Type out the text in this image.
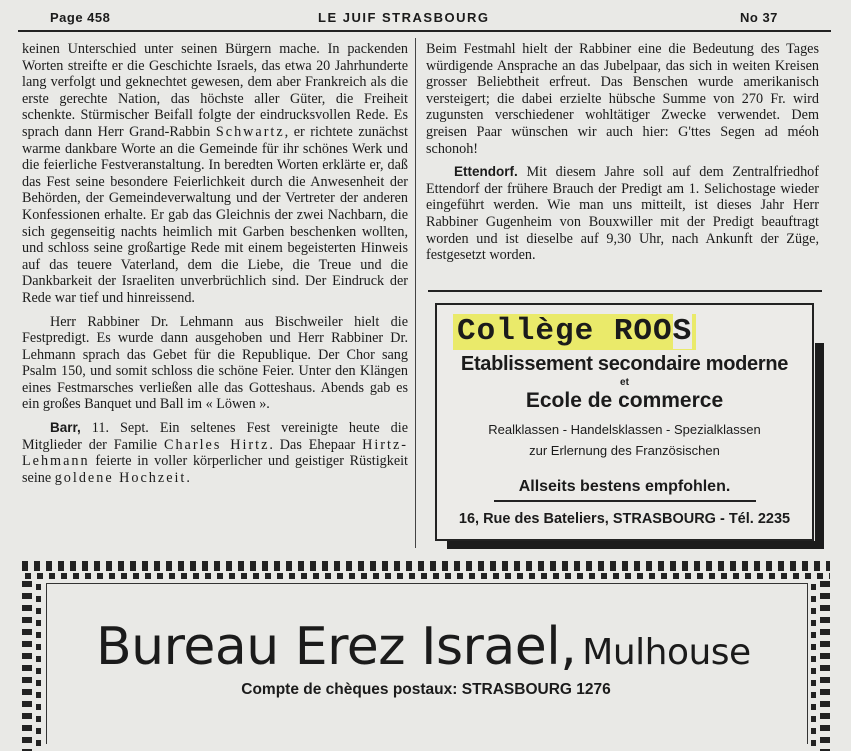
Page 458	LE JUIF STRASBOURG	No 37

keinen Unterschied unter seinen Bürgern mache. In packenden Worten streifte er die Geschichte Israels, das etwa 20 Jahrhunderte lang verfolgt und geknechtet gewesen, dem aber Frankreich als die erste gerechte Nation, das höchste aller Güter, die Freiheit schenkte. Stürmischer Beifall folgte der eindrucksvollen Rede. Es sprach dann Herr Grand-Rabbin Schwartz, er richtete zunächst warme dankbare Worte an die Gemeinde für ihr schönes Werk und die feierliche Festveranstaltung. In beredten Worten erklärte er, daß das Fest seine besondere Feierlichkeit durch die Anwesenheit der Behörden, der Gemeindeverwaltung und der Vertreter der anderen Konfessionen erhalte. Er gab das Gleichnis der zwei Nachbarn, die sich gegenseitig nachts heimlich mit Garben beschenken wollten, und schloss seine großartige Rede mit einem begeisterten Hinweis auf das teuere Vaterland, dem die Liebe, die Treue und die Dankbarkeit der Israeliten unverbrüchlich sind. Der Eindruck der Rede war tief und hinreissend.

Herr Rabbiner Dr. Lehmann aus Bischweiler hielt die Festpredigt. Es wurde dann ausgehoben und Herr Rabbiner Dr. Lehmann sprach das Gebet für die Republique. Der Chor sang Psalm 150, und somit schloss die schöne Feier. Unter den Klängen eines Festmarsches verließen alle das Gotteshaus. Abends gab es ein großes Banquet und Ball im « Löwen ».

Barr, 11. Sept. Ein seltenes Fest vereinigte heute die Mitglieder der Familie Charles Hirtz. Das Ehepaar Hirtz-Lehmann feierte in voller körperlicher und geistiger Rüstigkeit seine goldene Hochzeit.

Beim Festmahl hielt der Rabbiner eine die Bedeutung des Tages würdigende Ansprache an das Jubelpaar, das sich in weiten Kreisen grosser Beliebtheit erfreut. Das Benschen wurde amerikanisch versteigert; die dabei erzielte hübsche Summe von 270 Fr. wird zugunsten verschiedener wohltätiger Zwecke verwendet. Dem greisen Paar wünschen wir auch hier: G'ttes Segen ad méoh schonoh!

Ettendorf. Mit diesem Jahre soll auf dem Zentralfriedhof Ettendorf der frühere Brauch der Predigt am 1. Selichostage wieder eingeführt werden. Wie man uns mitteilt, ist dieses Jahr Herr Rabbiner Gugenheim von Bouxwiller mit der Predigt beauftragt worden und ist dieselbe auf 9,30 Uhr, nach Ankunft der Züge, festgesetzt worden.

Collège ROOS
Etablissement secondaire moderne
et
Ecole de commerce
Realklassen - Handelsklassen - Spezialklassen
zur Erlernung des Französischen
Allseits bestens empfohlen.
16, Rue des Bateliers, STRASBOURG - Tél. 2235
Bureau Erez Israel, Mulhouse
Compte de chèques postaux: STRASBOURG 1276
